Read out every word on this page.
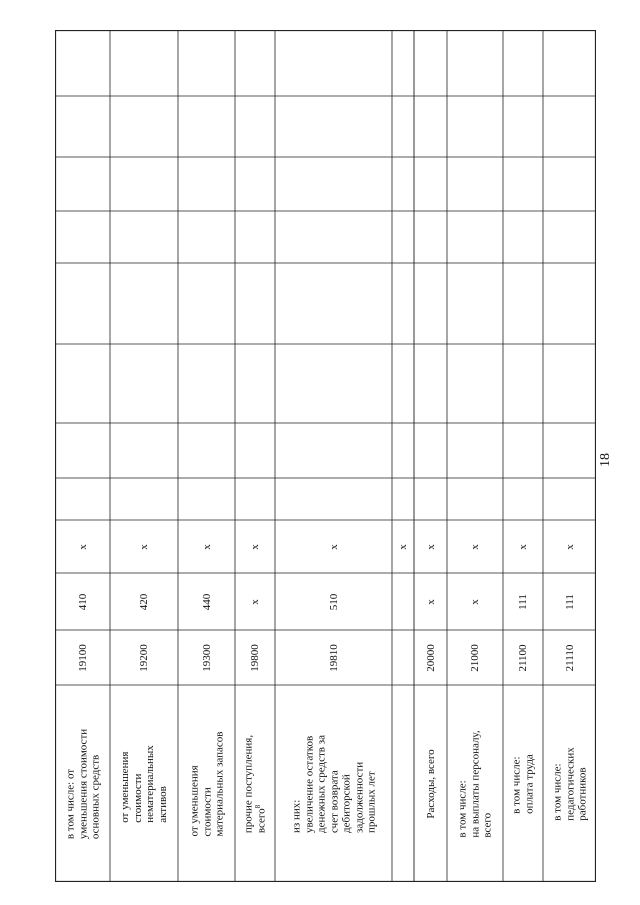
18
в том числе: от уменьшения стоимости основных средств
19100
410
х
от уменьшения стоимости нематериальных активов
19200
420
х
от уменьшения стоимости материальных запасов
19300
440
х
прочие поступления, всего$^8$
19800
х
х
из них: увеличение остатков денежных средств за счет возврата дебиторской задолженности прошлых лет
19810
510
х	х
Расходы, всего
20000
х
х
в том числе: на выплаты персоналу, всего
21000
х
х
в том числе: оплата труда
21100
111
х
в том числе: педагогических работников
21110
111
х
